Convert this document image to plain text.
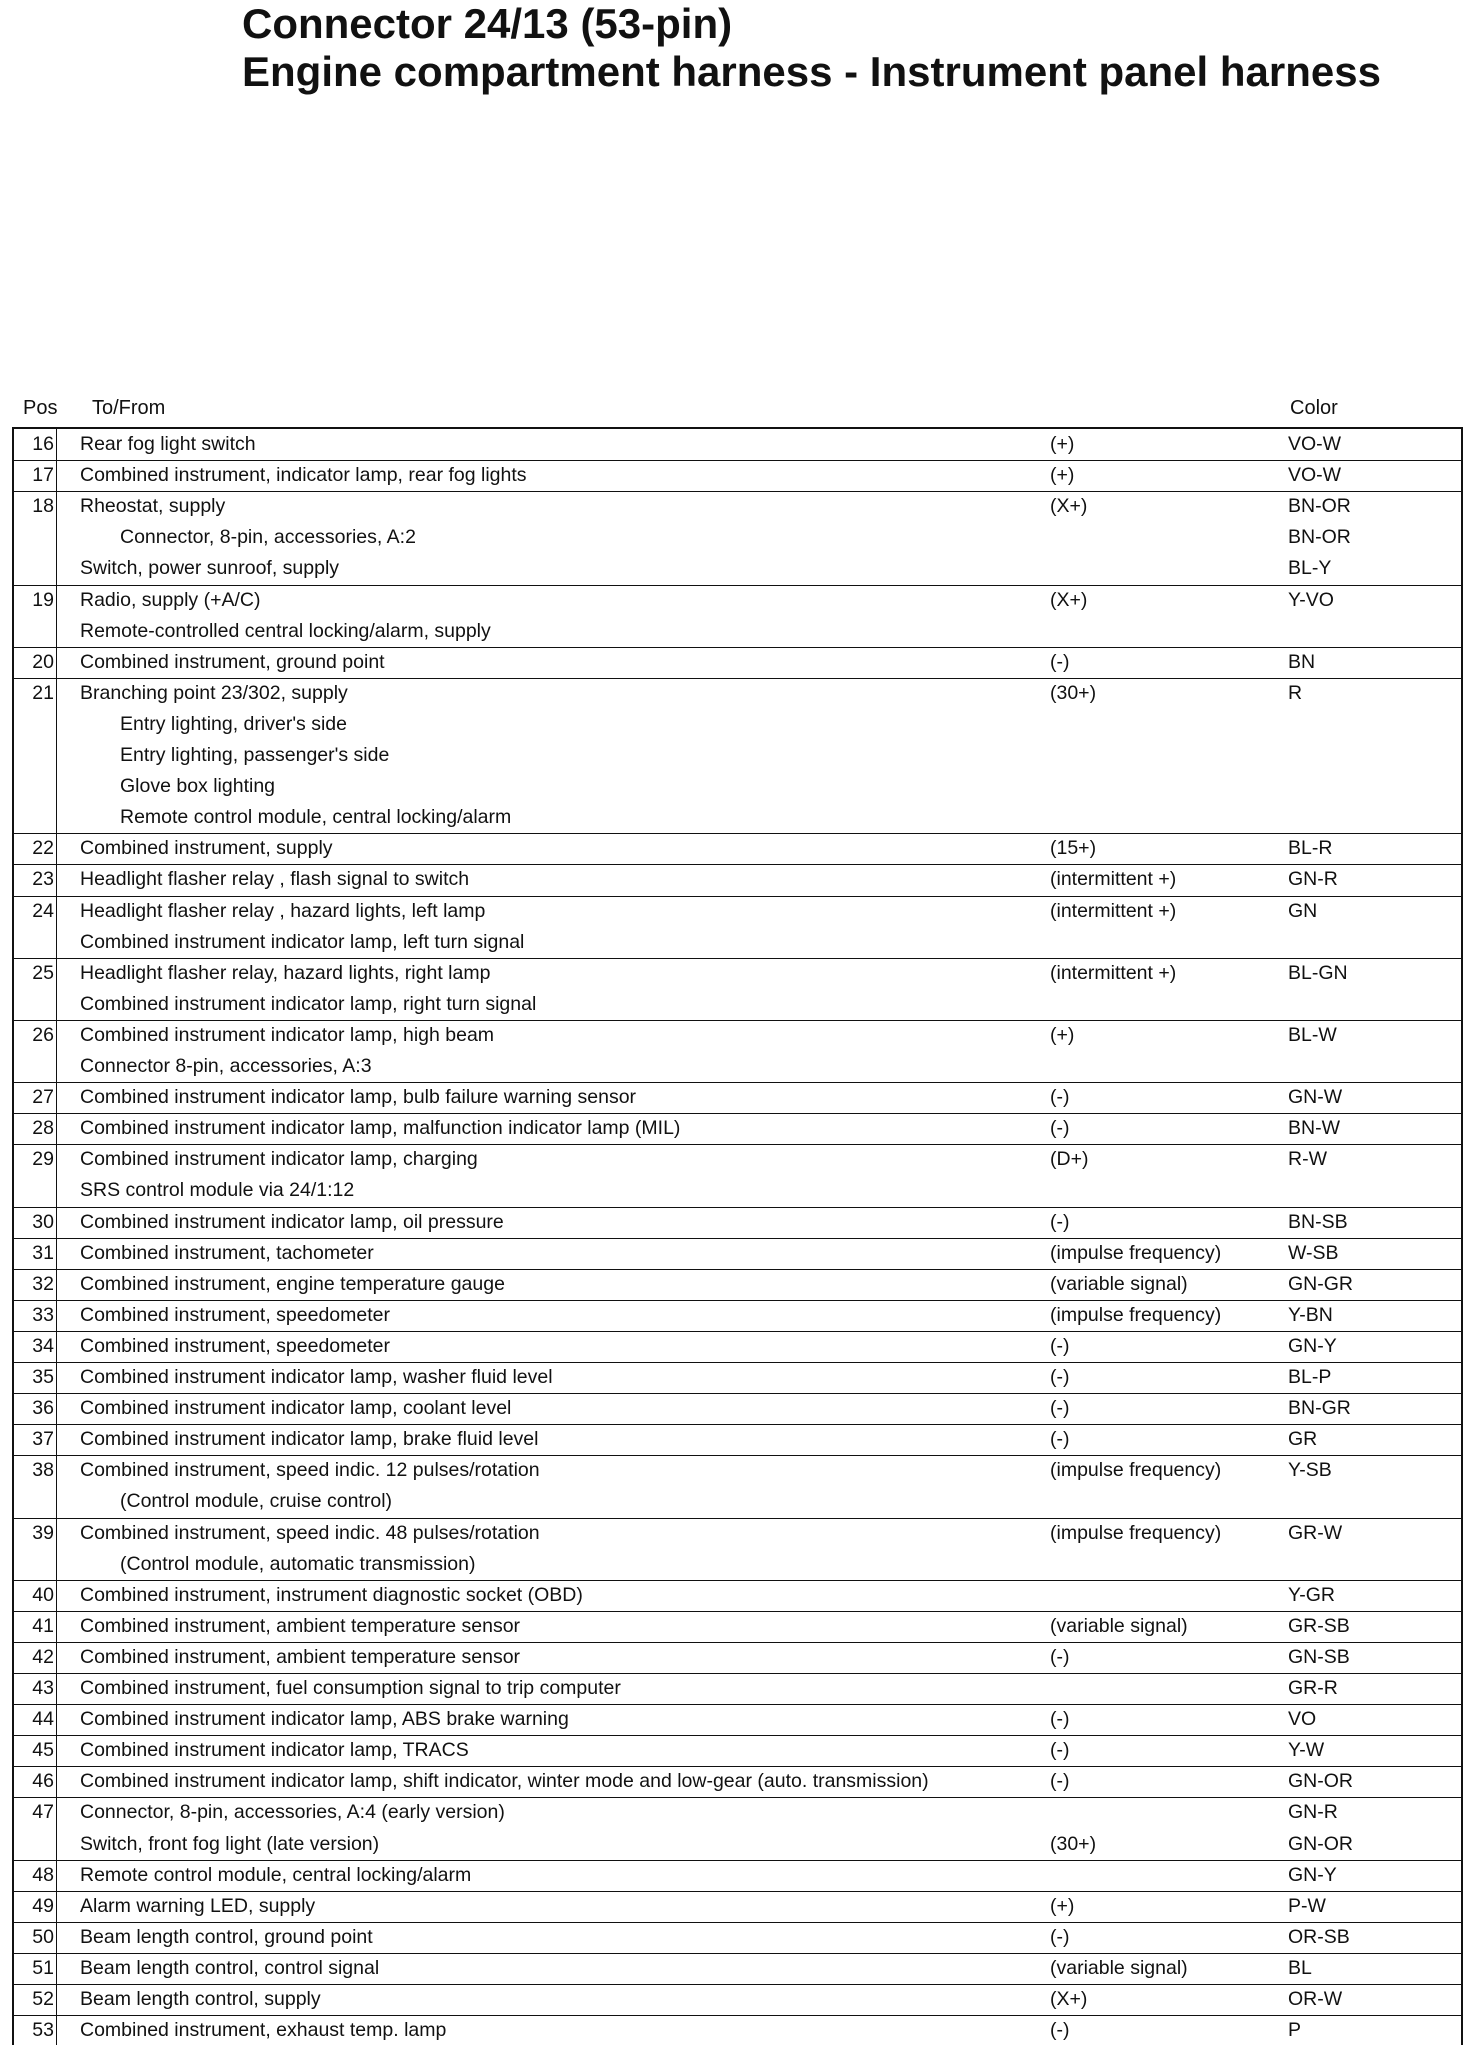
Connector 24/13 (53-pin)
Engine compartment harness - Instrument panel harness
Pos To/From	Color
16 Rear fog light switch	(+)	VO-W
17 Combined instrument, indicator lamp, rear fog lights	(+)	VO-W
18 Rheostat, supply	(X+)	BN-OR
Connector, 8-pin, accessories, A:2	BN-OR
Switch, power sunroof, supply	BL-Y
19 Radio, supply (+A/C)	(X+)	Y-VO
Remote-controlled central locking/alarm, supply
20 Combined instrument, ground point	(-)	BN
21 Branching point 23/302, supply	(30+)	R
Entry lighting, driver's side
Entry lighting, passenger's side
Glove box lighting
Remote control module, central locking/alarm
22 Combined instrument, supply	(15+)	BL-R
23 Headlight flasher relay , flash signal to switch	(intermittent +)	GN-R
24 Headlight flasher relay , hazard lights, left lamp	(intermittent +)	GN
Combined instrument indicator lamp, left turn signal
25 Headlight flasher relay, hazard lights, right lamp	(intermittent +)	BL-GN
Combined instrument indicator lamp, right turn signal
26 Combined instrument indicator lamp, high beam	(+)	BL-W
Connector 8-pin, accessories, A:3
27 Combined instrument indicator lamp, bulb failure warning sensor	(-)	GN-W
28 Combined instrument indicator lamp, malfunction indicator lamp (MIL)	(-)	BN-W
29 Combined instrument indicator lamp, charging	(D+)	R-W
SRS control module via 24/1:12
30 Combined instrument indicator lamp, oil pressure	(-)	BN-SB
31 Combined instrument, tachometer	(impulse frequency)	W-SB
32 Combined instrument, engine temperature gauge	(variable signal)	GN-GR
33 Combined instrument, speedometer	(impulse frequency)	Y-BN
34 Combined instrument, speedometer	(-)	GN-Y
35 Combined instrument indicator lamp, washer fluid level	(-)	BL-P
36 Combined instrument indicator lamp, coolant level	(-)	BN-GR
37 Combined instrument indicator lamp, brake fluid level	(-)	GR
38 Combined instrument, speed indic. 12 pulses/rotation	(impulse frequency)	Y-SB
(Control module, cruise control)
39 Combined instrument, speed indic. 48 pulses/rotation	(impulse frequency)	GR-W
(Control module, automatic transmission)
40 Combined instrument, instrument diagnostic socket (OBD)	Y-GR
41 Combined instrument, ambient temperature sensor	(variable signal)	GR-SB
42 Combined instrument, ambient temperature sensor	(-)	GN-SB
43 Combined instrument, fuel consumption signal to trip computer	GR-R
44 Combined instrument indicator lamp, ABS brake warning	(-)	VO
45 Combined instrument indicator lamp, TRACS	(-)	Y-W
46 Combined instrument indicator lamp, shift indicator, winter mode and low-gear (auto. transmission)	(-)	GN-OR
47 Connector, 8-pin, accessories, A:4 (early version)	GN-R
Switch, front fog light (late version)	(30+)	GN-OR
48 Remote control module, central locking/alarm	GN-Y
49 Alarm warning LED, supply	(+)	P-W
50 Beam length control, ground point	(-)	OR-SB
51 Beam length control, control signal	(variable signal)	BL
52 Beam length control, supply	(X+)	OR-W
53 Combined instrument, exhaust temp. lamp	(-)	P
